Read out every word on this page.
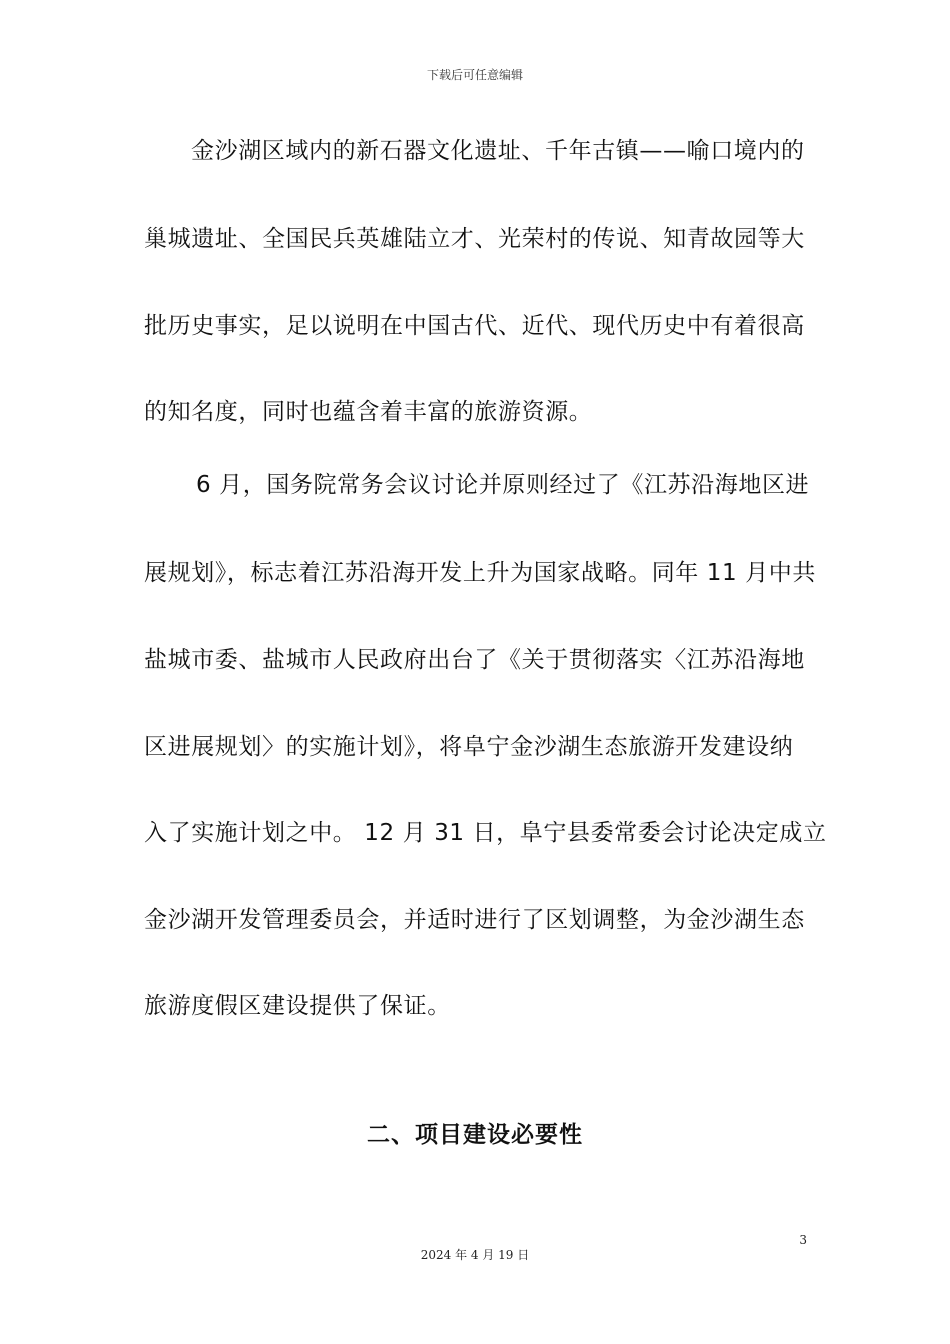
下载后可任意编辑
金沙湖区域内的新石器文化遗址、千年古镇——喻口境内的
巢城遗址、全国民兵英雄陆立才、光荣村的传说、知青故园等大
批历史事实，足以说明在中国古代、近代、现代历史中有着很高
的知名度，同时也蕴含着丰富的旅游资源。
6 月，国务院常务会议讨论并原则经过了《江苏沿海地区进
展规划》，标志着江苏沿海开发上升为国家战略。同年 11 月中共
盐城市委、盐城市人民政府出台了《关于贯彻落实〈江苏沿海地
区进展规划〉的实施计划》，将阜宁金沙湖生态旅游开发建设纳
入了实施计划之中。 12 月 31 日，阜宁县委常委会讨论决定成立
金沙湖开发管理委员会，并适时进行了区划调整，为金沙湖生态
旅游度假区建设提供了保证。
二、项目建设必要性
3
2024 年 4 月 19 日
